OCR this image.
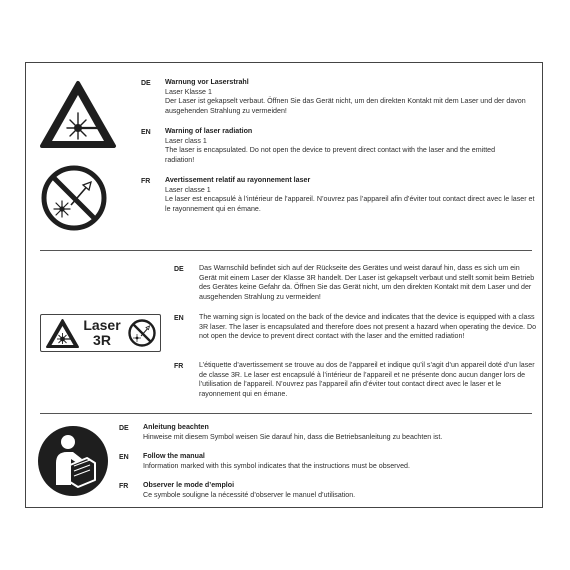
DE Warnung vor Laserstrahl
Laser Klasse 1
Der Laser ist gekapselt verbaut. Öffnen Sie das Gerät nicht, um den direkten Kontakt mit dem Laser und der davon ausgehenden Strahlung zu vermeiden!
EN Warning of laser radiation
Laser class 1
The laser is encapsulated. Do not open the device to prevent direct contact with the laser and the emitted radiation!
FR Avertissement relatif au rayonnement laser
Laser classe 1
Le laser est encapsulé à l’intérieur de l’appareil. N’ouvrez pas l’appareil afin d’éviter tout contact direct avec le laser et le rayonnement qui en émane.
Laser
3R
DE Das Warnschild befindet sich auf der Rückseite des Gerätes und weist darauf hin, dass es sich um ein Gerät mit einem Laser der Klasse 3R handelt. Der Laser ist gekapselt verbaut und stellt somit beim Betrieb des Gerätes keine Gefahr da. Öffnen Sie das Gerät nicht, um den direkten Kontakt mit dem Laser und der ausgehenden Strahlung zu vermeiden!
EN The warning sign is located on the back of the device and indicates that the device is equipped with a class 3R laser. The laser is encapsulated and therefore does not present a hazard when operating the device. Do not open the device to prevent direct contact with the laser and the emitted radiation!
FR L’étiquette d’avertissement se trouve au dos de l’appareil et indique qu’il s’agit d’un appareil doté d’un laser de classe 3R. Le laser est encapsulé à l’intérieur de l’appareil et ne présente donc aucun danger lors de l’utilisation de l’appareil. N’ouvrez pas l’appareil afin d’éviter tout contact direct avec le laser et le rayonnement qui en émane.
DE Anleitung beachten
Hinweise mit diesem Symbol weisen Sie darauf hin, dass die Betriebsanleitung zu beachten ist.
EN Follow the manual
Information marked with this symbol indicates that the instructions must be observed.
FR Observer le mode d’emploi
Ce symbole souligne la nécessité d’observer le manuel d’utilisation.
